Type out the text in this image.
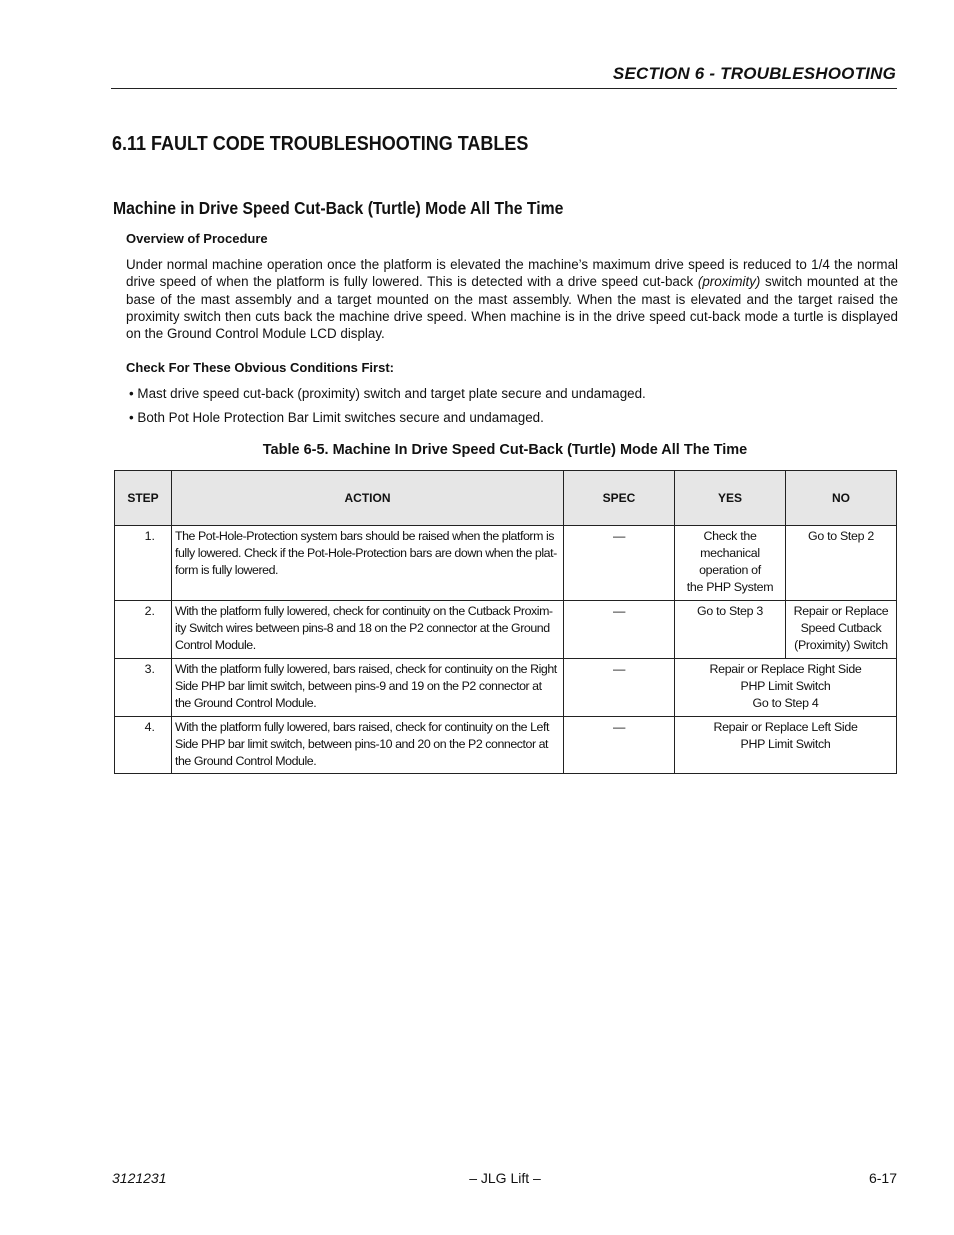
SECTION 6 - TROUBLESHOOTING
6.11 FAULT CODE TROUBLESHOOTING TABLES
Machine in Drive Speed Cut-Back (Turtle) Mode All The Time
Overview of Procedure

Under normal machine operation once the platform is elevated the machine’s maximum drive speed is reduced to 1/4 the normal drive speed of when the platform is fully lowered. This is detected with a drive speed cut-back (proximity) switch mounted at the base of the mast assembly and a target mounted on the mast assembly. When the mast is elevated and the target raised the proximity switch then cuts back the machine drive speed. When machine is in the drive speed cut-back mode a turtle is displayed on the Ground Control Module LCD display.

Check For These Obvious Conditions First:
• Mast drive speed cut-back (proximity) switch and target plate secure and undamaged.
• Both Pot Hole Protection Bar Limit switches secure and undamaged.
Table 6-5. Machine In Drive Speed Cut-Back (Turtle) Mode All The Time
STEP	ACTION	SPEC	YES	NO
1.	The Pot-Hole-Protection system bars should be raised when the platform is fully lowered. Check if the Pot-Hole-Protection bars are down when the plat-form is fully lowered.	—	Check the
mechanical
operation of
the PHP System	Go to Step 2

2.	With the platform fully lowered, check for continuity on the Cutback Proxim-ity Switch wires between pins-8 and 18 on the P2 connector at the Ground Control Module.	—	Go to Step 3	Repair or Replace
Speed Cutback
(Proximity) Switch

3.	With the platform fully lowered, bars raised, check for continuity on the Right Side PHP bar limit switch, between pins-9 and 19 on the P2 connector at the Ground Control Module.	—	Repair or Replace Right Side
PHP Limit Switch
Go to Step 4	

4.	With the platform fully lowered, bars raised, check for continuity on the Left Side PHP bar limit switch, between pins-10 and 20 on the P2 connector at the Ground Control Module.	—	Repair or Replace Left Side
PHP Limit Switch	
3121231	– JLG Lift –	6-17
